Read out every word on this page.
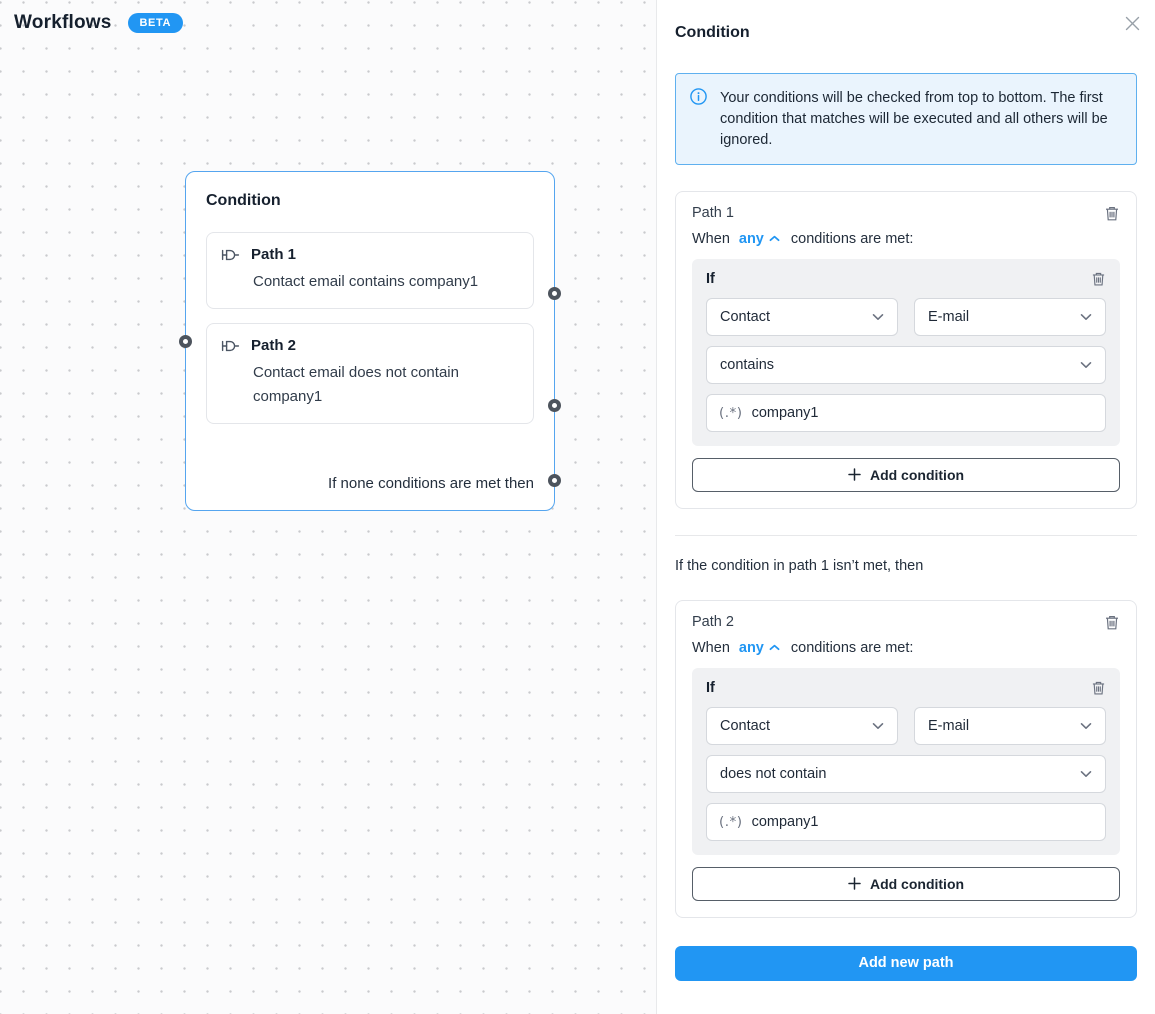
Workflows	BETA
Condition
Path 1
Contact email contains company1
Path 2
Contact email does not contain company1
If none conditions are met then
Condition
Your conditions will be checked from top to bottom. The first condition that matches will be executed and all others will be ignored.
Path 1
When any conditions are met:
If
Contact	E-mail
contains
(.*) company1
Add condition
If the condition in path 1 isn’t met, then
Path 2
When any conditions are met:
If
Contact	E-mail
does not contain
(.*) company1
Add condition
Add new path
